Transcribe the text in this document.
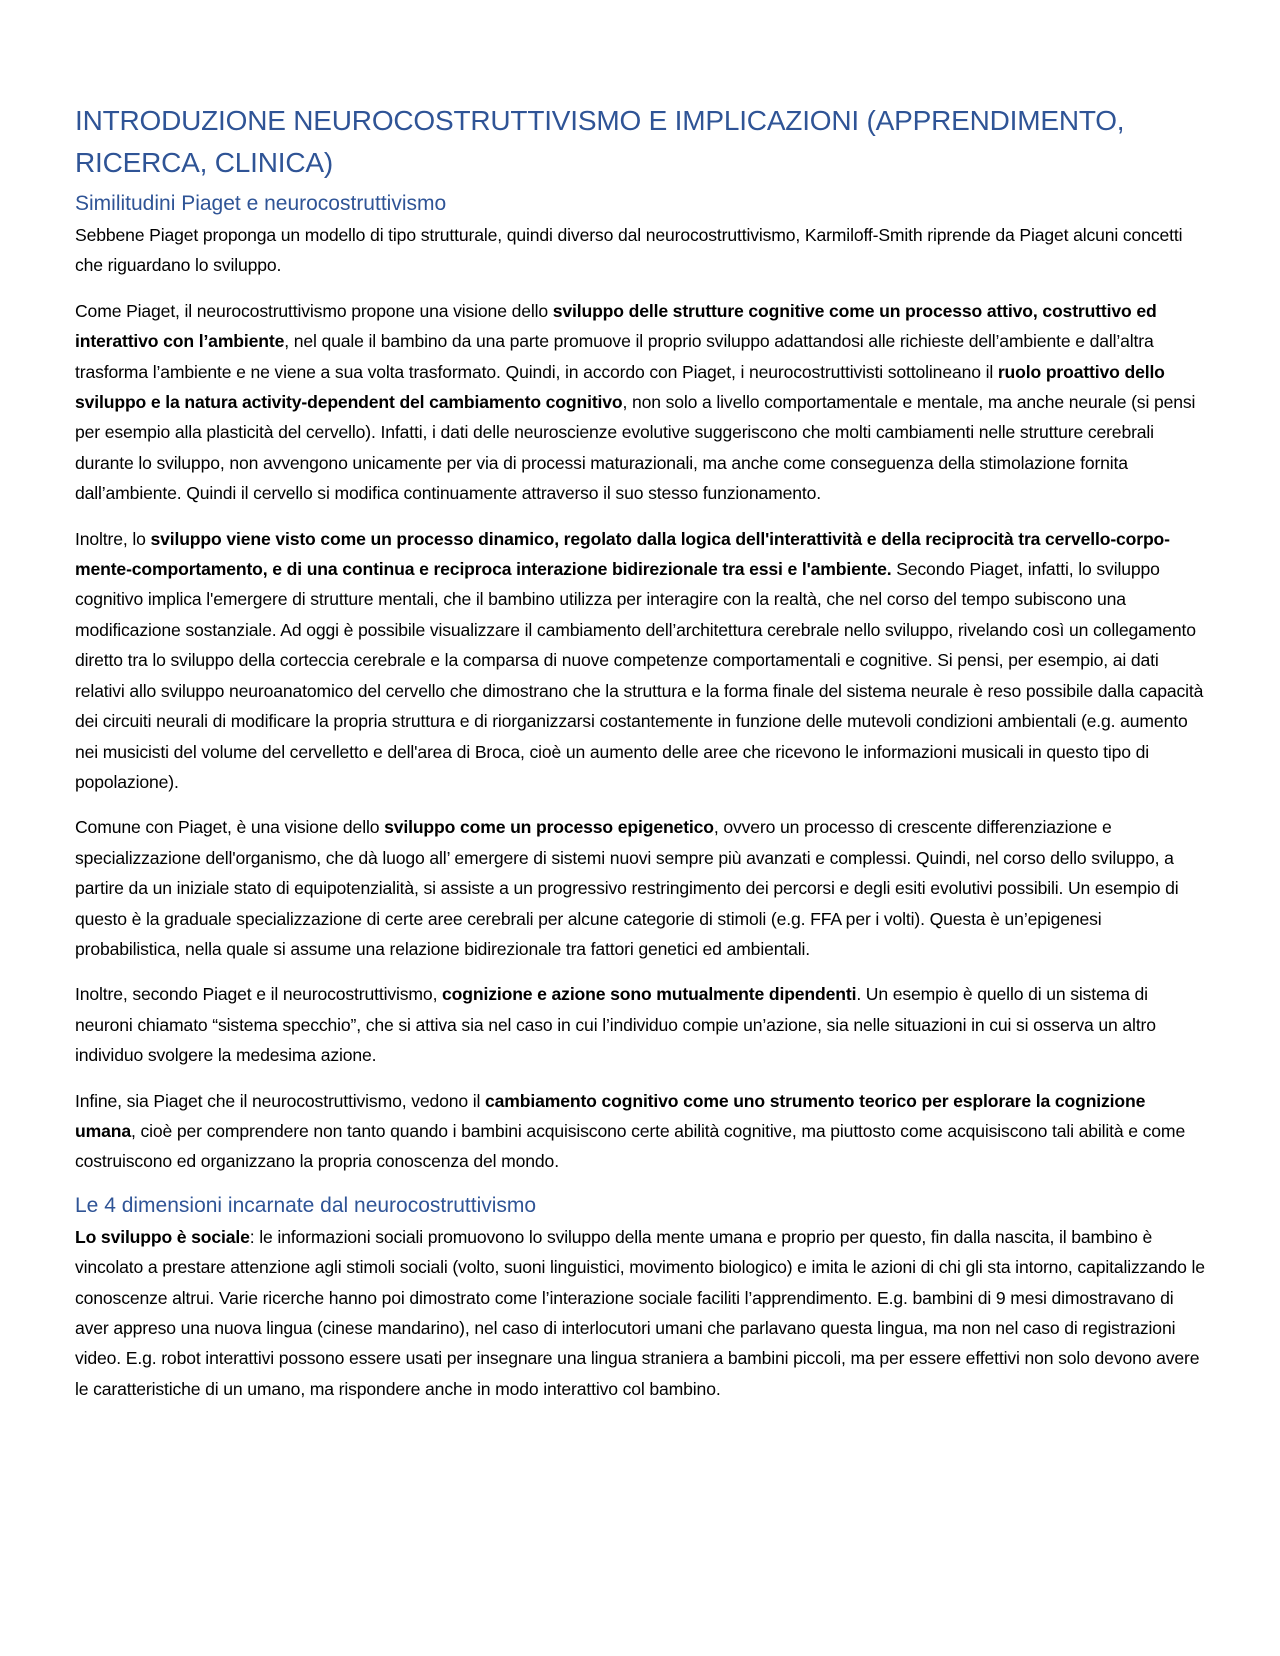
INTRODUZIONE NEUROCOSTRUTTIVISMO E IMPLICAZIONI (APPRENDIMENTO, RICERCA, CLINICA)
Similitudini Piaget e neurocostruttivismo

Sebbene Piaget proponga un modello di tipo strutturale, quindi diverso dal neurocostruttivismo, Karmiloff-Smith riprende da Piaget alcuni concetti che riguardano lo sviluppo.

Come Piaget, il neurocostruttivismo propone una visione dello sviluppo delle strutture cognitive come un processo attivo, costruttivo ed interattivo con l’ambiente, nel quale il bambino da una parte promuove il proprio sviluppo adattandosi alle richieste dell’ambiente e dall’altra trasforma l’ambiente e ne viene a sua volta trasformato. Quindi, in accordo con Piaget, i neurocostruttivisti sottolineano il ruolo proattivo dello sviluppo e la natura activity-dependent del cambiamento cognitivo, non solo a livello comportamentale e mentale, ma anche neurale (si pensi per esempio alla plasticità del cervello). Infatti, i dati delle neuroscienze evolutive suggeriscono che molti cambiamenti nelle strutture cerebrali durante lo sviluppo, non avvengono unicamente per via di processi maturazionali, ma anche come conseguenza della stimolazione fornita dall’ambiente. Quindi il cervello si modifica continuamente attraverso il suo stesso funzionamento.

Inoltre, lo sviluppo viene visto come un processo dinamico, regolato dalla logica dell'interattività e della reciprocità tra cervello-corpo-mente-comportamento, e di una continua e reciproca interazione bidirezionale tra essi e l'ambiente. Secondo Piaget, infatti, lo sviluppo cognitivo implica l'emergere di strutture mentali, che il bambino utilizza per interagire con la realtà, che nel corso del tempo subiscono una modificazione sostanziale. Ad oggi è possibile visualizzare il cambiamento dell’architettura cerebrale nello sviluppo, rivelando così un collegamento diretto tra lo sviluppo della corteccia cerebrale e la comparsa di nuove competenze comportamentali e cognitive. Si pensi, per esempio, ai dati relativi allo sviluppo neuroanatomico del cervello che dimostrano che la struttura e la forma finale del sistema neurale è reso possibile dalla capacità dei circuiti neurali di modificare la propria struttura e di riorganizzarsi costantemente in funzione delle mutevoli condizioni ambientali (e.g. aumento nei musicisti del volume del cervelletto e dell'area di Broca, cioè un aumento delle aree che ricevono le informazioni musicali in questo tipo di popolazione).

Comune con Piaget, è una visione dello sviluppo come un processo epigenetico, ovvero un processo di crescente differenziazione e specializzazione dell'organismo, che dà luogo all’ emergere di sistemi nuovi sempre più avanzati e complessi. Quindi, nel corso dello sviluppo, a partire da un iniziale stato di equipotenzialità, si assiste a un progressivo restringimento dei percorsi e degli esiti evolutivi possibili. Un esempio di questo è la graduale specializzazione di certe aree cerebrali per alcune categorie di stimoli (e.g. FFA per i volti). Questa è un’epigenesi probabilistica, nella quale si assume una relazione bidirezionale tra fattori genetici ed ambientali.

Inoltre, secondo Piaget e il neurocostruttivismo, cognizione e azione sono mutualmente dipendenti. Un esempio è quello di un sistema di neuroni chiamato “sistema specchio”, che si attiva sia nel caso in cui l’individuo compie un’azione, sia nelle situazioni in cui si osserva un altro individuo svolgere la medesima azione.

Infine, sia Piaget che il neurocostruttivismo, vedono il cambiamento cognitivo come uno strumento teorico per esplorare la cognizione umana, cioè per comprendere non tanto quando i bambini acquisiscono certe abilità cognitive, ma piuttosto come acquisiscono tali abilità e come costruiscono ed organizzano la propria conoscenza del mondo.

Le 4 dimensioni incarnate dal neurocostruttivismo

Lo sviluppo è sociale: le informazioni sociali promuovono lo sviluppo della mente umana e proprio per questo, fin dalla nascita, il bambino è vincolato a prestare attenzione agli stimoli sociali (volto, suoni linguistici, movimento biologico) e imita le azioni di chi gli sta intorno, capitalizzando le conoscenze altrui. Varie ricerche hanno poi dimostrato come l’interazione sociale faciliti l’apprendimento. E.g. bambini di 9 mesi dimostravano di aver appreso una nuova lingua (cinese mandarino), nel caso di interlocutori umani che parlavano questa lingua, ma non nel caso di registrazioni video. E.g. robot interattivi possono essere usati per insegnare una lingua straniera a bambini piccoli, ma per essere effettivi non solo devono avere le caratteristiche di un umano, ma rispondere anche in modo interattivo col bambino.
